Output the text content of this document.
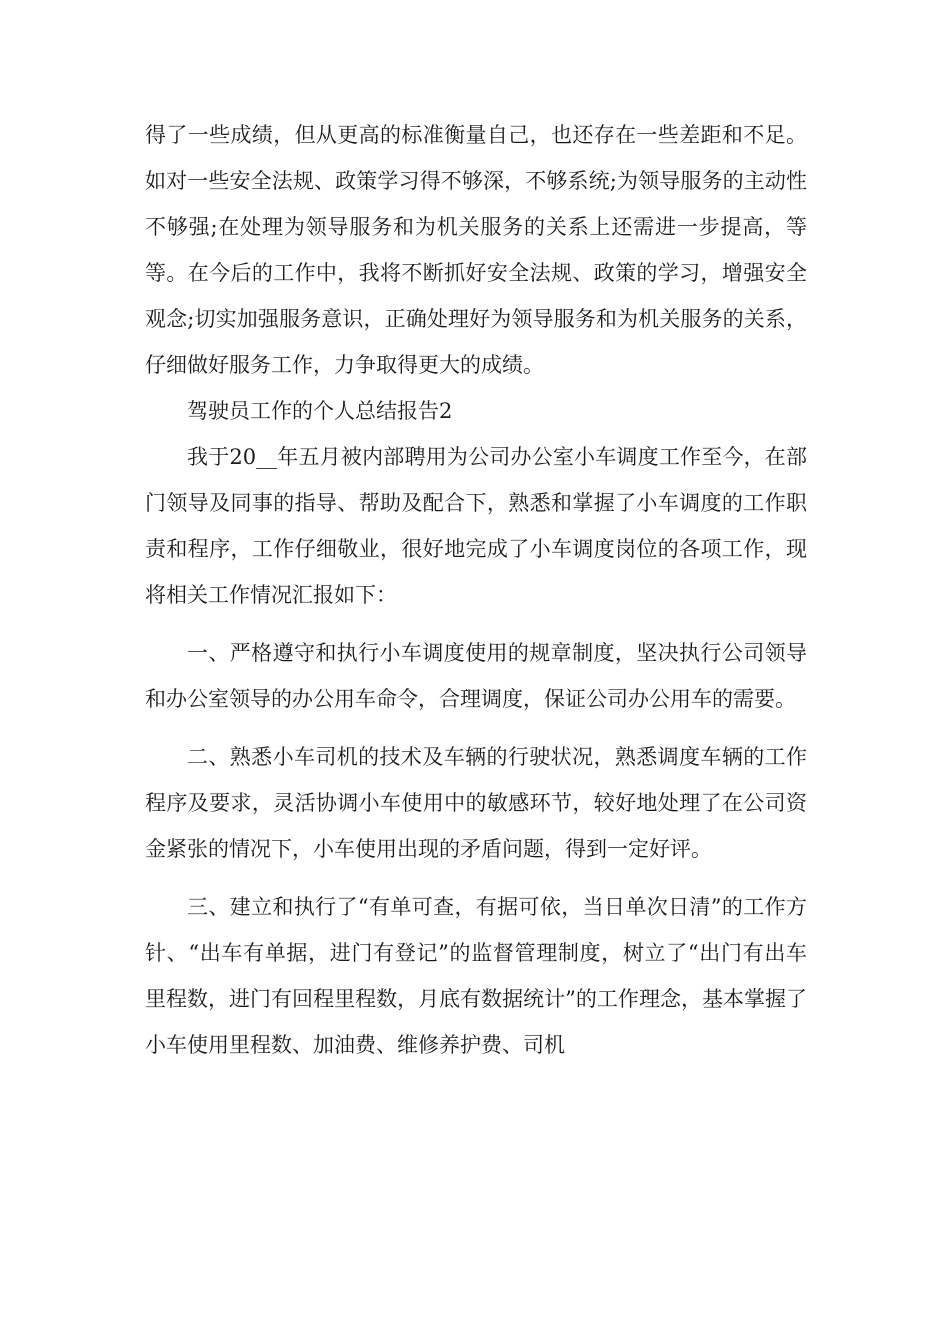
得了一些成绩，但从更高的标准衡量自己，也还存在一些差距和不足。如对一些安全法规、政策学习得不够深，不够系统;为领导服务的主动性不够强;在处理为领导服务和为机关服务的关系上还需进一步提高，等等。在今后的工作中，我将不断抓好安全法规、政策的学习，增强安全观念;切实加强服务意识，正确处理好为领导服务和为机关服务的关系，仔细做好服务工作，力争取得更大的成绩。

驾驶员工作的个人总结报告2

我于20__年五月被内部聘用为公司办公室小车调度工作至今，在部门领导及同事的指导、帮助及配合下，熟悉和掌握了小车调度的工作职责和程序，工作仔细敬业，很好地完成了小车调度岗位的各项工作，现将相关工作情况汇报如下：

一、严格遵守和执行小车调度使用的规章制度，坚决执行公司领导和办公室领导的办公用车命令，合理调度，保证公司办公用车的需要。

二、熟悉小车司机的技术及车辆的行驶状况，熟悉调度车辆的工作程序及要求，灵活协调小车使用中的敏感环节，较好地处理了在公司资金紧张的情况下，小车使用出现的矛盾问题，得到一定好评。

三、建立和执行了“有单可查，有据可依，当日单次日清”的工作方针、“出车有单据，进门有登记”的监督管理制度，树立了“出门有出车里程数，进门有回程里程数，月底有数据统计”的工作理念，基本掌握了小车使用里程数、加油费、维修养护费、司机
